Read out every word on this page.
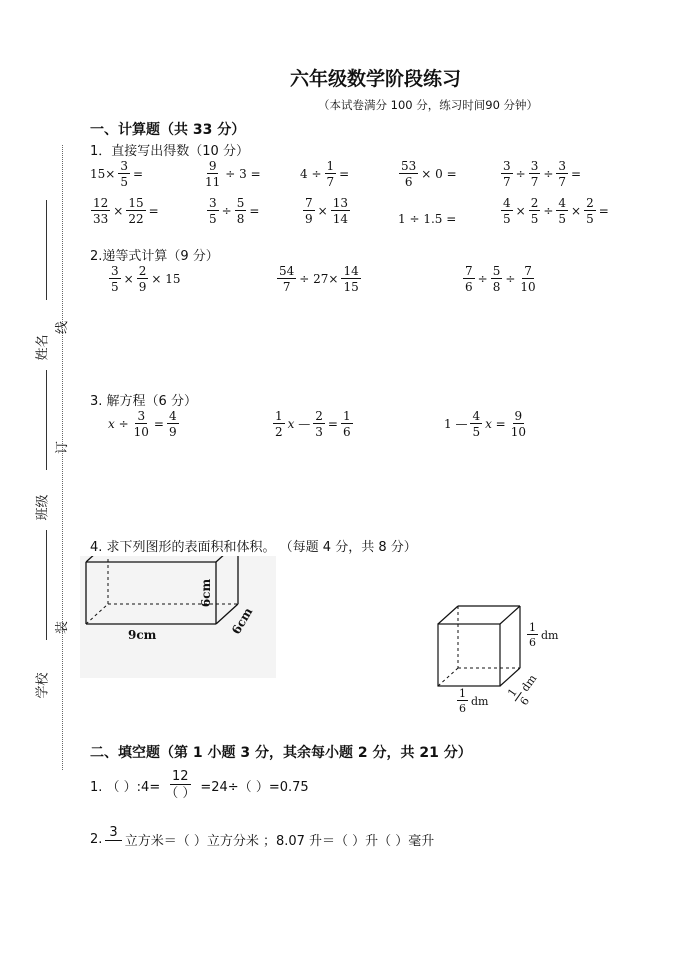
姓名
班级
学校
线
订
装
六年级数学阶段练习
（本试卷满分 100 分，练习时间90 分钟）
一、计算题（共 33 分）
1．直接写出得数（10 分）
$15\times \frac{3}{5}$ =	$\frac{9}{11} \div 3$ =	$4 \div \frac{1}{7}$ =	$\frac{53}{6} \times 0$ =	$\frac{3}{7} \div \frac{3}{7} \div \frac{3}{7}$ =
$\frac{12}{33} \times \frac{15}{22}$ =	$\frac{3}{5} \div \frac{5}{8}$ =	$\frac{7}{9} \times \frac{13}{14}$	1 ÷ 1.5 =	$\frac{4}{5} \times \frac{2}{5} \div \frac{4}{5} \times \frac{2}{5}$ =
2.递等式计算（9 分）
$\frac{3}{5} \times \frac{2}{9} \times 15$	$\frac{54}{7} \div 27\times \frac{14}{15}$	$\frac{7}{6} \div \frac{5}{8} \div \frac{7}{10}$
3. 解方程（6 分）
$x \div \frac{3}{10} = \frac{4}{9}$	$\frac{1}{2}$ x — $\frac{2}{3} = \frac{1}{6}$	1 — $\frac{4}{5}$ $x = \frac{9}{10}$
4. 求下列图形的表面积和体积。 （每题 4 分，共 8 分）
9cm
6cm
6cm	$\frac{1}{6}$ dm
$\frac{1}{6}$ dm
1
6
dm
二、填空题（第 1 小题 3 分，其余每小题 2 分，共 21 分）
1. （ ）:4= $\frac{12}{( )} =24\div$（ ）=0.75
2. 3
立方米＝（ ）立方分米 ；8.07 升＝（ ）升（ ）毫升
